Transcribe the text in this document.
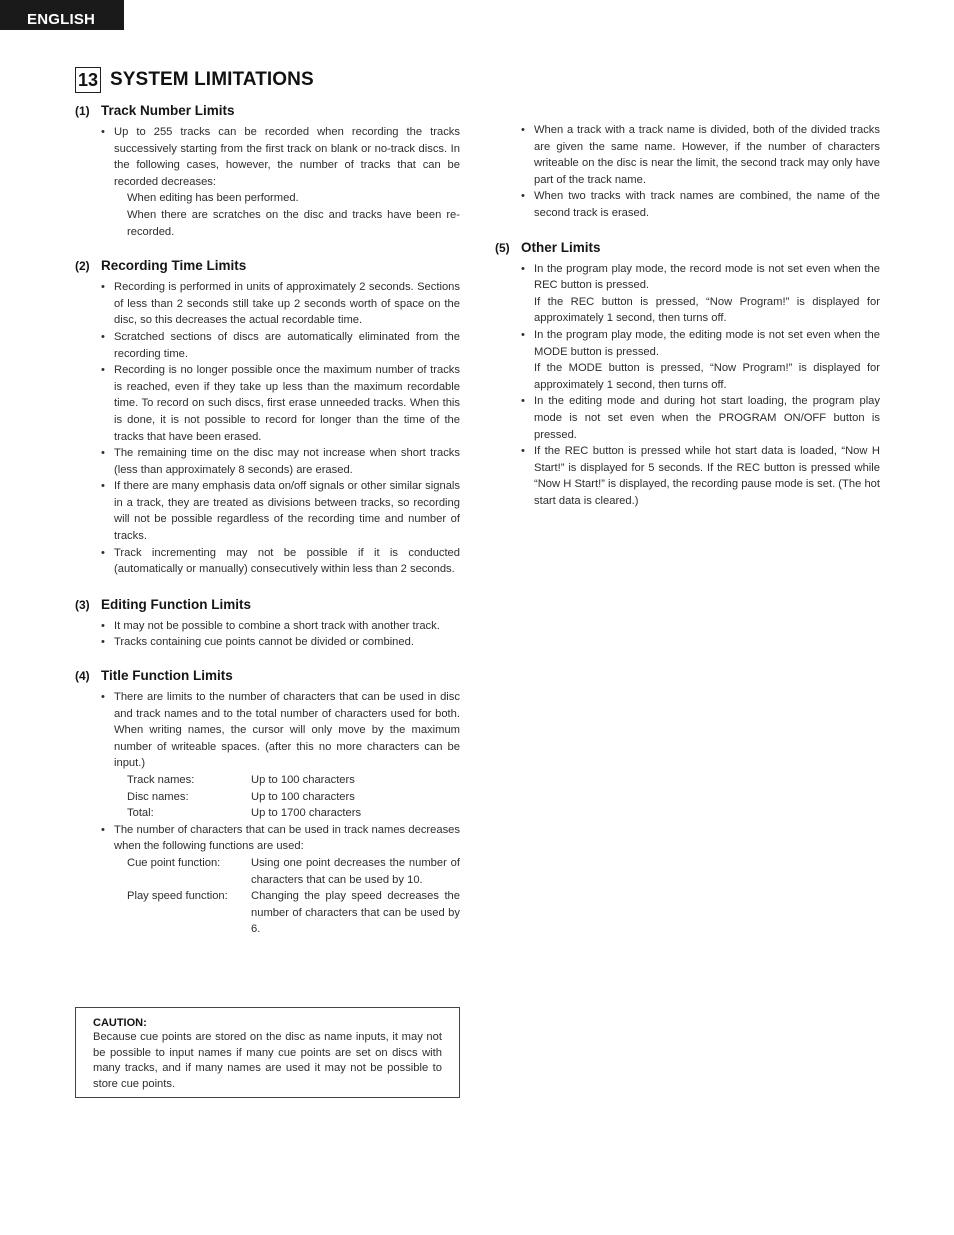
ENGLISH
13 SYSTEM LIMITATIONS
(1) Track Number Limits
• Up to 255 tracks can be recorded when recording the tracks successively starting from the first track on blank or no-track discs. In the following cases, however, the number of tracks that can be recorded decreases:
When editing has been performed.
When there are scratches on the disc and tracks have been re-recorded.
(2) Recording Time Limits
• Recording is performed in units of approximately 2 seconds. Sections of less than 2 seconds still take up 2 seconds worth of space on the disc, so this decreases the actual recordable time.
• Scratched sections of discs are automatically eliminated from the recording time.
• Recording is no longer possible once the maximum number of tracks is reached, even if they take up less than the maximum recordable time. To record on such discs, first erase unneeded tracks. When this is done, it is not possible to record for longer than the time of the tracks that have been erased.
• The remaining time on the disc may not increase when short tracks (less than approximately 8 seconds) are erased.
• If there are many emphasis data on/off signals or other similar signals in a track, they are treated as divisions between tracks, so recording will not be possible regardless of the recording time and number of tracks.
• Track incrementing may not be possible if it is conducted (automatically or manually) consecutively within less than 2 seconds.
(3) Editing Function Limits
• It may not be possible to combine a short track with another track.
• Tracks containing cue points cannot be divided or combined.
(4) Title Function Limits
• There are limits to the number of characters that can be used in disc and track names and to the total number of characters used for both. When writing names, the cursor will only move by the maximum number of writeable spaces. (after this no more characters can be input.)
Track names:	Up to 100 characters
Disc names:	Up to 100 characters
Total:	Up to 1700 characters
• The number of characters that can be used in track names decreases when the following functions are used:
Cue point function:	Using one point decreases the number of characters that can be used by 10.
Play speed function:	Changing the play speed decreases the number of characters that can be used by 6.
CAUTION:
Because cue points are stored on the disc as name inputs, it may not be possible to input names if many cue points are set on discs with many tracks, and if many names are used it may not be possible to store cue points.
• When a track with a track name is divided, both of the divided tracks are given the same name. However, if the number of characters writeable on the disc is near the limit, the second track may only have part of the track name.
• When two tracks with track names are combined, the name of the second track is erased.
(5) Other Limits
• In the program play mode, the record mode is not set even when the REC button is pressed.
If the REC button is pressed, “Now Program!” is displayed for approximately 1 second, then turns off.
• In the program play mode, the editing mode is not set even when the MODE button is pressed.
If the MODE button is pressed, “Now Program!” is displayed for approximately 1 second, then turns off.
• In the editing mode and during hot start loading, the program play mode is not set even when the PROGRAM ON/OFF button is pressed.
• If the REC button is pressed while hot start data is loaded, “Now H Start!” is displayed for 5 seconds. If the REC button is pressed while “Now H Start!” is displayed, the recording pause mode is set. (The hot start data is cleared.)
